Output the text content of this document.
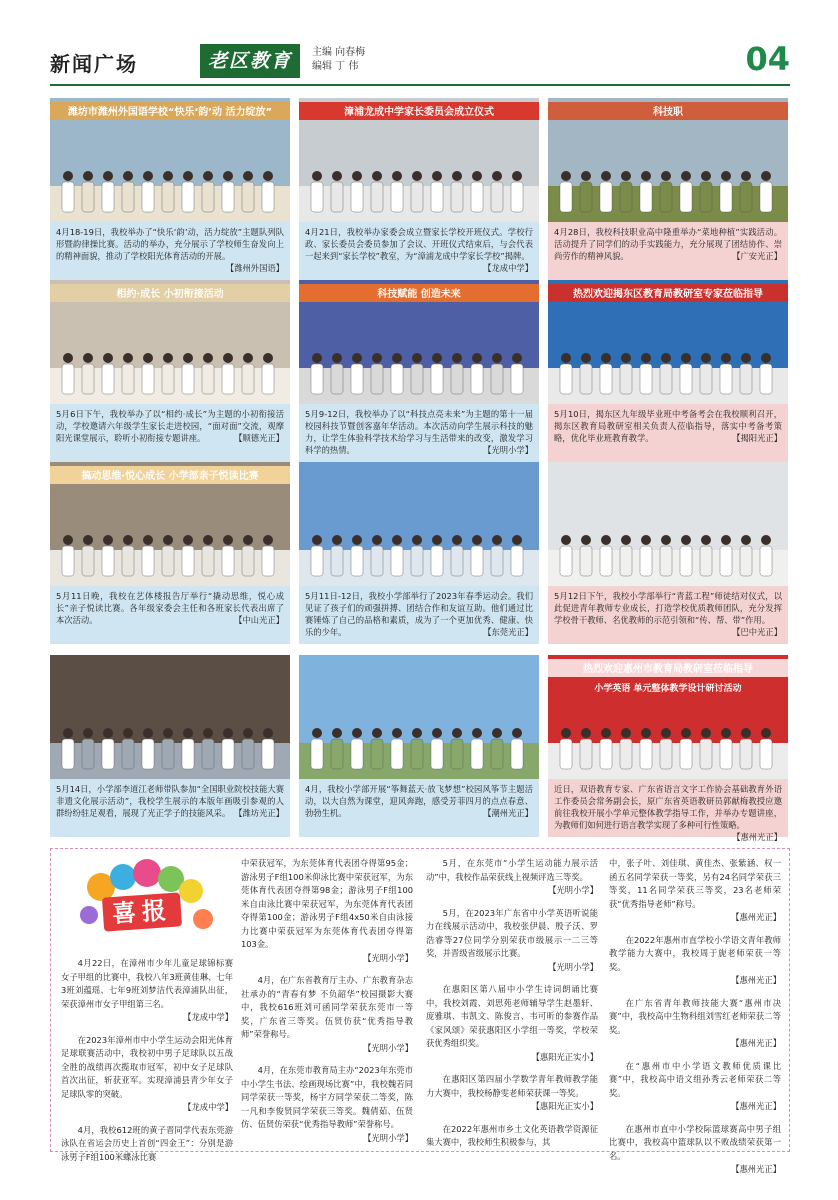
新闻广场	老区教育	主编 向春梅
编辑 丁 伟	04
潍坊市潍州外国语学校“快乐‘韵’动 活力绽放”
4月18-19日，我校举办了“快乐‘韵’动，活力绽放”主题队列队形暨韵律操比赛。活动的举办，充分展示了学校师生奋发向上的精神面貌，推动了学校阳光体育活动的开展。
【潍州外国语】
漳浦龙成中学家长委员会成立仪式
4月21日，我校举办家委会成立暨家长学校开班仪式。学校行政、家长委员会委员参加了会议、开班仪式结束后，与会代表一起来到“家长学校”教室，为“漳浦龙成中学家长学校”揭牌。
【龙成中学】
科技职
4月28日，我校科技职业高中隆重举办“菜地种植”实践活动。活动提升了同学们的动手实践能力，充分展现了团结协作、崇尚劳作的精神风貌。	【广安光正】
相约·成长 小初衔接活动
5月6日下午，我校举办了以“相约·成长”为主题的小初衔接活动，学校邀请六年级学生家长走进校园，“面对面”交流，观摩阳光课堂展示，聆听小初衔接专题讲座。	【顺德光正】
科技赋能 创造未来
5月9-12日，我校举办了以“科技点亮未来”为主题的第十一届校园科技节暨创客嘉年华活动。本次活动向学生展示科技的魅力，让学生体验科学技术给学习与生活带来的改变，激发学习科学的热情。	【光明小学】
热烈欢迎揭东区教育局教研室专家莅临指导
5月10日，揭东区九年级毕业班中考备考会在我校顺利召开，揭东区教育局教研室相关负责人莅临指导，落实中考备考策略，优化毕业班教育教学。	【揭阳光正】
搞动思维·悦心成长 小学部亲子悦读比赛
5月11日晚，我校在艺体楼报告厅举行“撬动思维，悦心成长”亲子悦读比赛。各年级家委会主任和各班家长代表出席了本次活动。	【中山光正】
5月11日-12日，我校小学部举行了2023年春季运动会。我们见证了孩子们的顽强拼搏、团结合作和友谊互助。他们通过比赛锤炼了自己的品格和素质，成为了一个更加优秀、健康、快乐的少年。	【东莞光正】
5月12日下午，我校小学部举行“青蓝工程”师徒结对仪式，以此促进青年教师专业成长，打造学校优质教师团队，充分发挥学校骨干教师、名优教师的示范引领和“传、帮、带”作用。
【巴中光正】
5月14日，小学部李道江老师带队参加“全国职业院校技能大赛非遗文化展示活动”，我校学生展示的本版年画吸引参观的人群纷纷驻足观看，展现了光正学子的技能风采。 【潍坊光正】
4月，我校小学部开展“筝舞蓝天·放飞梦想”校园风筝节主题活动，以大自然为课堂，迎风奔跑，感受芳菲四月的点点春意、勃勃生机。	【潮州光正】
热烈欢迎惠州市教育局教研室莅临指导
小学英语 单元整体教学设计研讨活动
近日，双语教育专家、广东省语言文字工作协会基础教育外语工作委员会常务副会长，原广东省英语教研员郭献梅教授应邀前往我校开展小学单元整体教学指导工作，并举办专题讲座，为教师们如何进行语言教学实现了多种可行性策略。
【惠州光正】
喜报

4月22日，在漳州市少年儿童足球锦标赛女子甲组的比赛中，我校八年3班黄佳琳、七年3班刘蕴瑶、七年9班刘梦洁代表漳浦队出征，荣获漳州市女子甲组第三名。
【龙成中学】

在2023年漳州市中小学生运动会阳光体育足球联赛活动中，我校初中男子足球队以五战全胜的战绩再次揽取市冠军，初中女子足球队首次出征，斩获亚军。实现漳浦县青少年女子足球队零的突破。
【龙成中学】

4月，我校612班的黄子晋同学代表东莞游泳队在省运会历史上首创“四金王”：分别是游泳男子F组100米蝶泳比赛

中荣获冠军，为东莞体育代表团夺得第95金；游泳男子F组100米仰泳比赛中荣获冠军，为东莞体育代表团夺得第98金；游泳男子F组100米自由泳比赛中荣获冠军，为东莞体育代表团夺得第100金；游泳男子F组4x50米自由泳接力比赛中荣获冠军为东莞体育代表团夺得第103金。
【光明小学】

4月，在广东省教育厅主办、广东教育杂志社承办的“青春有梦 不负韶华”校园摄影大赛中，我校616班刘可函同学荣获东莞市一等奖，广东省三等奖。伍贤仿获“优秀指导教师”荣誉称号。
【光明小学】

4月，在东莞市教育局主办“2023年东莞市中小学生书法、绘画现场比赛”中，我校魏若同同学荣获一等奖，杨宇方同学荣获二等奖，陈一凡和李俊贤同学荣获三等奖。魏倩茹、伍贤仿、伍贤仿荣获“优秀指导教师”荣誉称号。
【光明小学】

5月，在东莞市“小学生运动能力展示活动”中，我校作品荣获线上视频评选三等奖。
【光明小学】

5月，在2023年广东省中小学英语听说能力在线展示活动中，我校张伊晨、殷子沃、罗浩睿等27位同学分别荣获市级展示一二三等奖，并晋级省级展示比赛。
【光明小学】

在惠阳区第八届中小学生诗词朗诵比赛中，我校刘霞、刘思苑老师辅导学生赵墨轩、庞雅琪、韦凯文、陈俊言、韦可昕的参赛作品《家风颂》荣获惠阳区小学组一等奖，学校荣获优秀组织奖。
【惠阳光正实小】

在惠阳区第四届小学数学青年教师教学能力大赛中，我校杨静雯老师荣获课一等奖。
【惠阳光正实小】

在2022年惠州市乡土文化英语教学资源征集大赛中，我校师生积极参与，其

中，张子叶、刘佳琪、黄佳杰、张紫涵、权一函五名同学荣获一等奖，另有24名同学荣获三等奖，11名同学荣获三等奖，23名老师荣获“优秀指导老师”称号。
【惠州光正】

在2022年惠州市直学校小学语文青年教师教学能力大赛中，我校周于旎老师荣获一等奖。
【惠州光正】

在广东省青年教师技能大赛“惠州市决赛”中，我校高中生物科组刘雪红老师荣获二等奖。
【惠州光正】

在“惠州市中小学语文教师优质课比赛”中，我校高中语文组孙秀云老师荣获二等奖。
【惠州光正】

在惠州市直中小学校际篮球赛高中男子组比赛中，我校高中篮球队以不败战绩荣获第一名。
【惠州光正】
